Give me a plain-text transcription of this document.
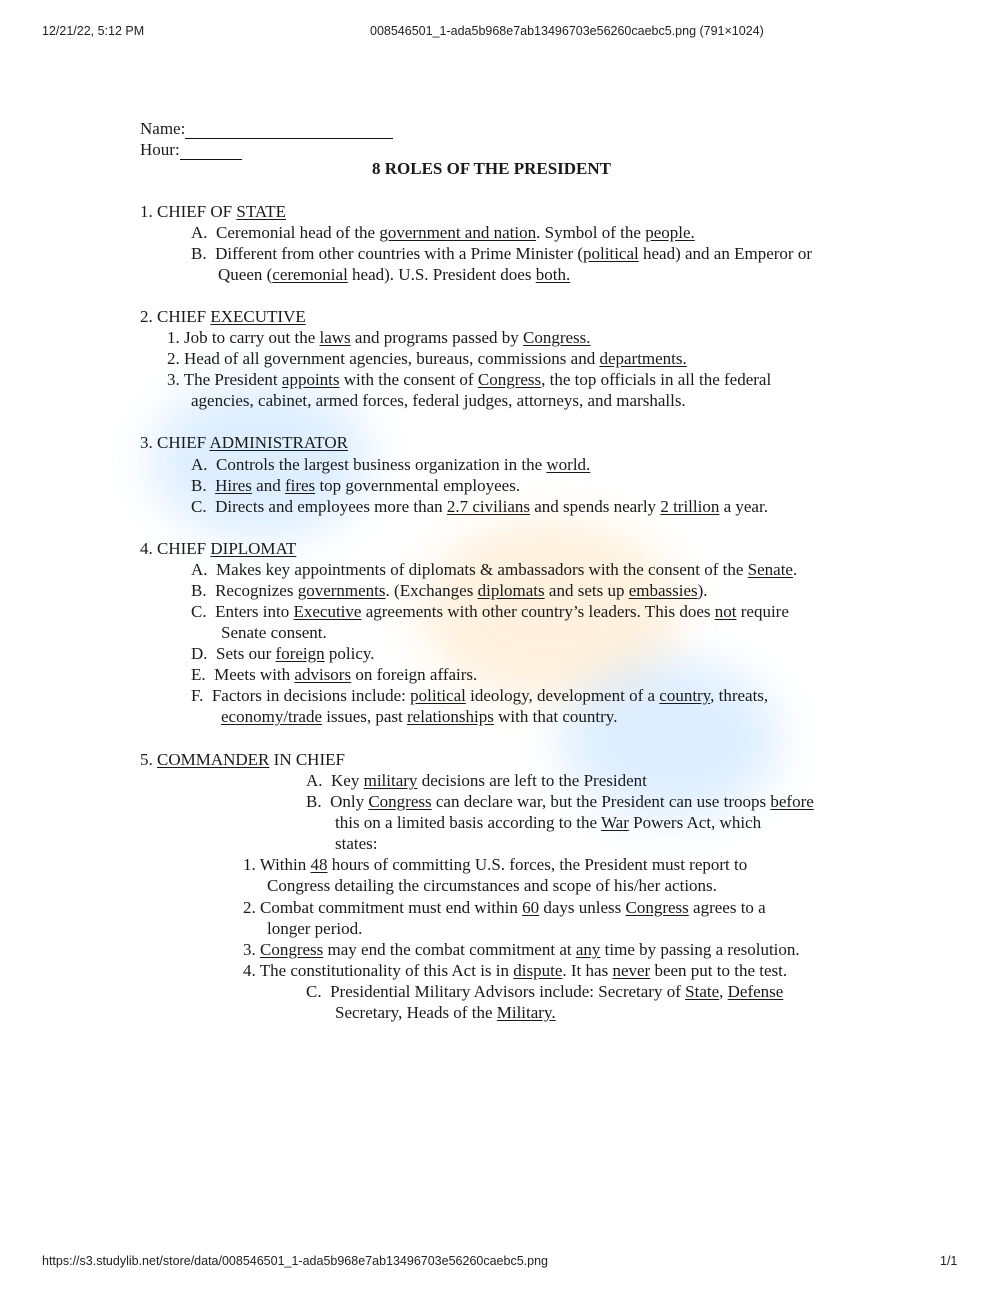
12/21/22, 5:12 PM	008546501_1-ada5b968e7ab13496703e56260caebc5.png (791×1024)
https://s3.studylib.net/store/data/008546501_1-ada5b968e7ab13496703e56260caebc5.png	1/1
Name:
Hour:
8 ROLES OF THE PRESIDENT
1. CHIEF OF STATE
A. Ceremonial head of the government and nation. Symbol of the people.
B. Different from other countries with a Prime Minister (political head) and an Emperor or
Queen (ceremonial head). U.S. President does both.
2. CHIEF EXECUTIVE
1. Job to carry out the laws and programs passed by Congress.
2. Head of all government agencies, bureaus, commissions and departments.
3. The President appoints with the consent of Congress, the top officials in all the federal
agencies, cabinet, armed forces, federal judges, attorneys, and marshalls.
3. CHIEF ADMINISTRATOR
A. Controls the largest business organization in the world.
B. Hires and fires top governmental employees.
C. Directs and employees more than 2.7 civilians and spends nearly 2 trillion a year.
4. CHIEF DIPLOMAT
A. Makes key appointments of diplomats & ambassadors with the consent of the Senate.
B. Recognizes governments. (Exchanges diplomats and sets up embassies).
C. Enters into Executive agreements with other country’s leaders. This does not require
Senate consent.
D. Sets our foreign policy.
E. Meets with advisors on foreign affairs.
F. Factors in decisions include: political ideology, development of a country, threats,
economy/trade issues, past relationships with that country.
5. COMMANDER IN CHIEF
A. Key military decisions are left to the President
B. Only Congress can declare war, but the President can use troops before
this on a limited basis according to the War Powers Act, which
states:
1. Within 48 hours of committing U.S. forces, the President must report to
Congress detailing the circumstances and scope of his/her actions.
2. Combat commitment must end within 60 days unless Congress agrees to a
longer period.
3. Congress may end the combat commitment at any time by passing a resolution.
4. The constitutionality of this Act is in dispute. It has never been put to the test.
C. Presidential Military Advisors include: Secretary of State, Defense
Secretary, Heads of the Military.
